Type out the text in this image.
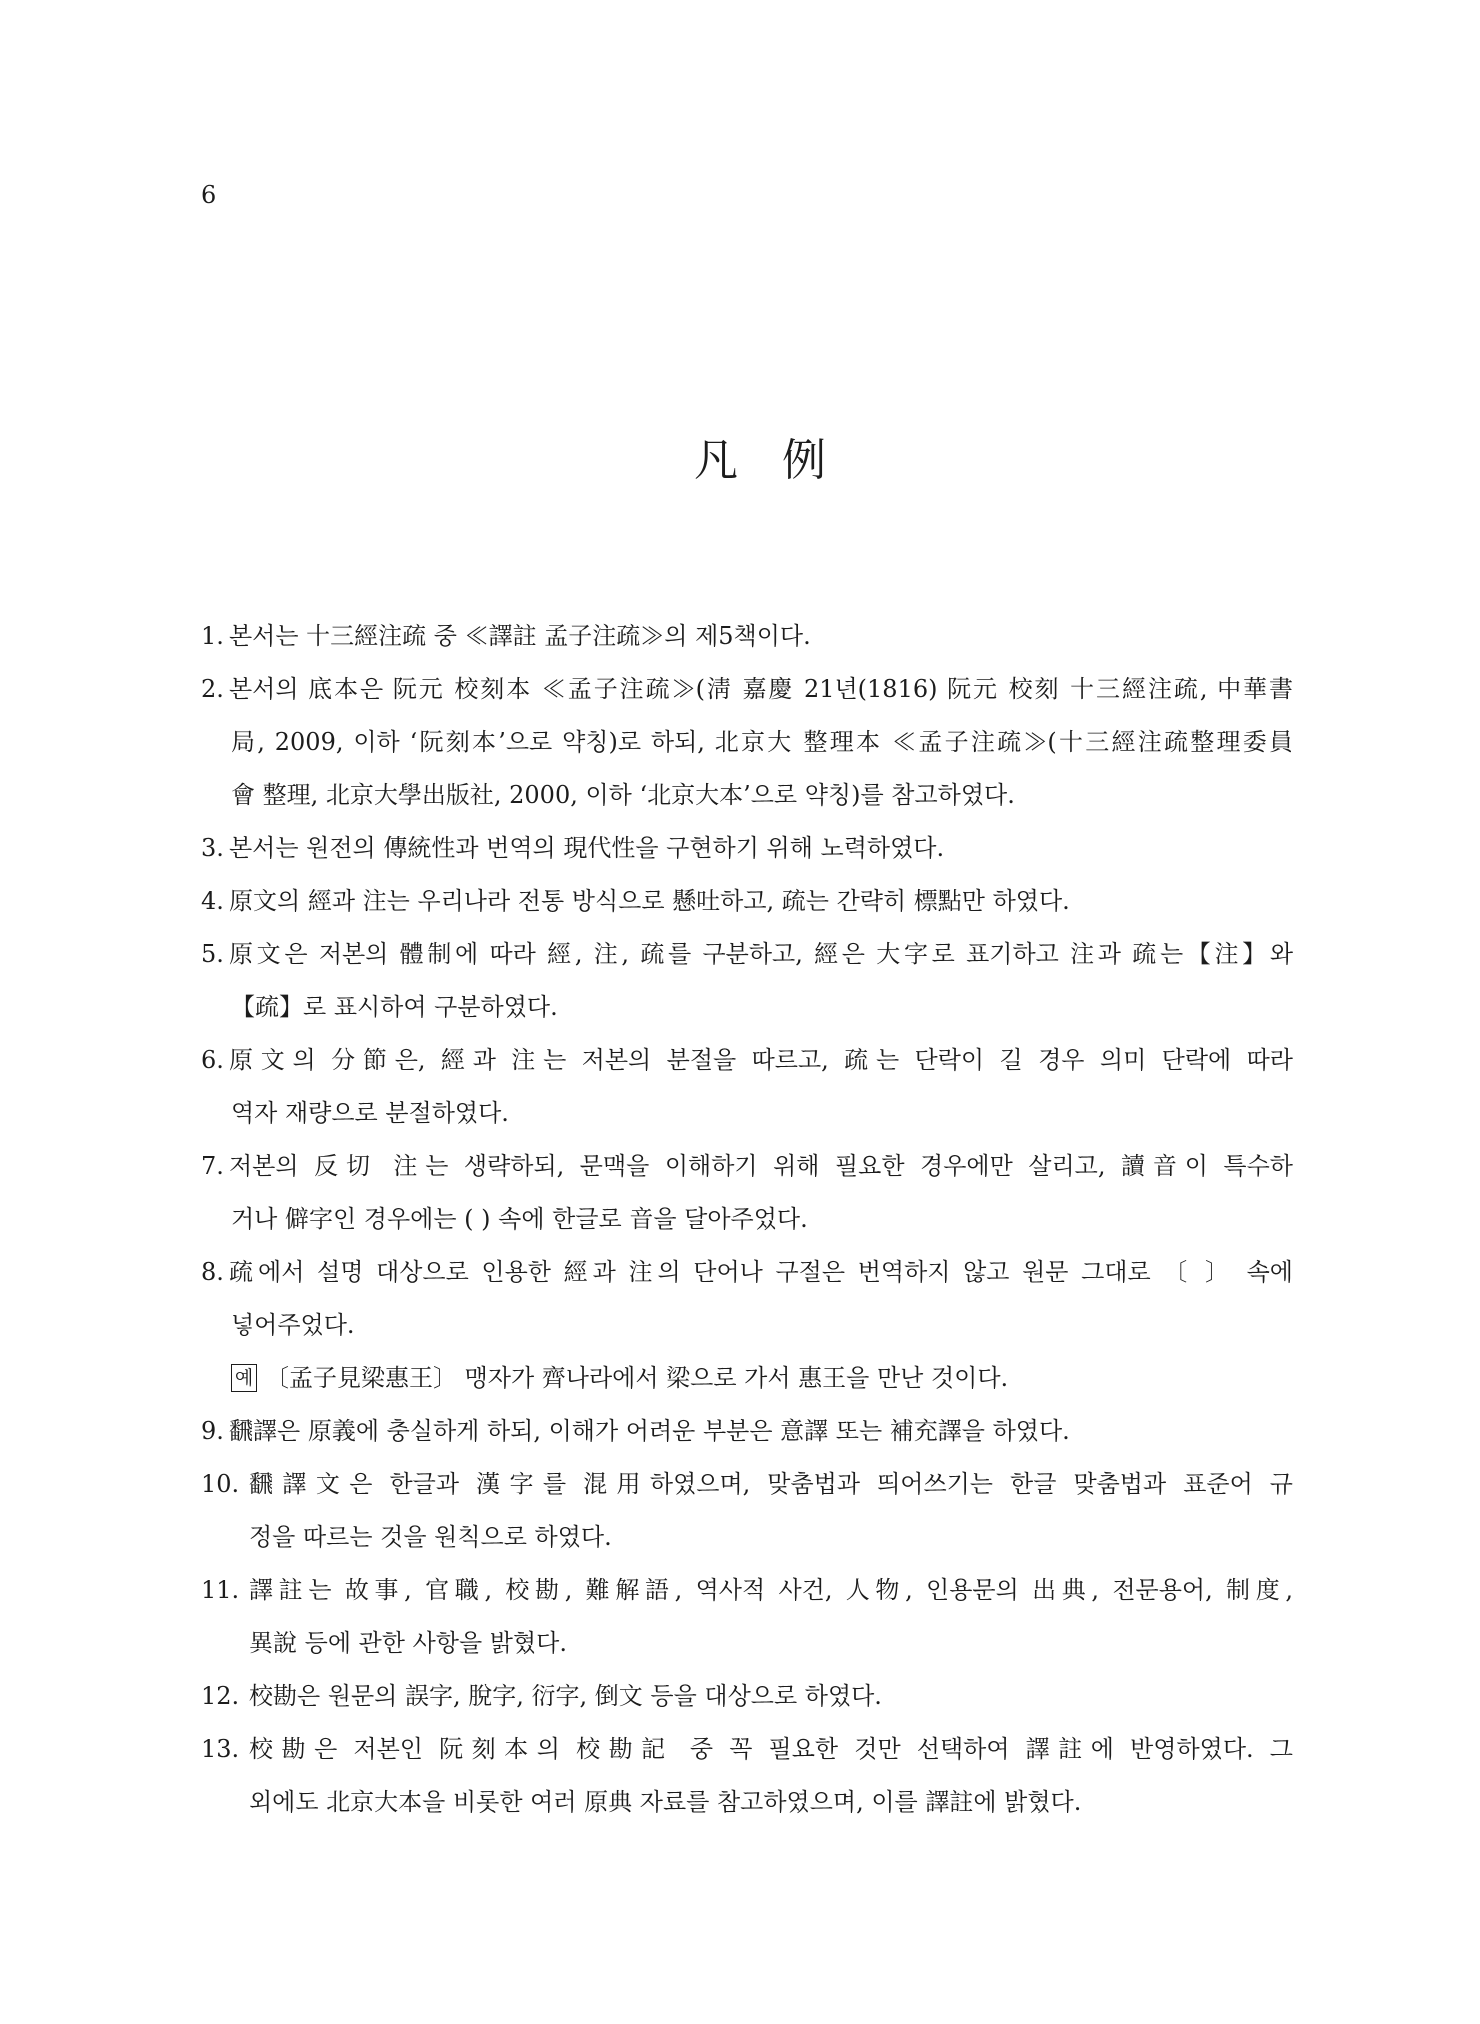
6
凡 例
1. 본서는 十三經注疏 중 ≪譯註 孟子注疏≫의 제5책이다.
2. 본서의 底本은 阮元 校刻本 ≪孟子注疏≫(淸 嘉慶 21년(1816) 阮元 校刻 十三經注疏, 中華書
局, 2009, 이하 ‘阮刻本’으로 약칭)로 하되, 北京大 整理本 ≪孟子注疏≫(十三經注疏整理委員
會 整理, 北京大學出版社, 2000, 이하 ‘北京大本’으로 약칭)를 참고하였다.
3. 본서는 원전의 傳統性과 번역의 現代性을 구현하기 위해 노력하였다.
4. 原文의 經과 注는 우리나라 전통 방식으로 懸吐하고, 疏는 간략히 標點만 하였다.
5. 原文은 저본의 體制에 따라 經, 注, 疏를 구분하고, 經은 大字로 표기하고 注과 疏는【注】와
【疏】로 표시하여 구분하였다.
6. 原文의 分節은, 經과 注는 저본의 분절을 따르고, 疏는 단락이 길 경우 의미 단락에 따라
역자 재량으로 분절하였다.
7. 저본의 反切 注는 생략하되, 문맥을 이해하기 위해 필요한 경우에만 살리고, 讀音이 특수하
거나 僻字인 경우에는 ( ) 속에 한글로 音을 달아주었다.
8. 疏에서 설명 대상으로 인용한 經과 注의 단어나 구절은 번역하지 않고 원문 그대로 〔 〕 속에
넣어주었다.
예 〔孟子見梁惠王〕 맹자가 齊나라에서 梁으로 가서 惠王을 만난 것이다.
9. 飜譯은 原義에 충실하게 하되, 이해가 어려운 부분은 意譯 또는 補充譯을 하였다.
10. 飜譯文은 한글과 漢字를 混用하였으며, 맞춤법과 띄어쓰기는 한글 맞춤법과 표준어 규
정을 따르는 것을 원칙으로 하였다.
11. 譯註는 故事, 官職, 校勘, 難解語, 역사적 사건, 人物, 인용문의 出典, 전문용어, 制度,
異說 등에 관한 사항을 밝혔다.
12. 校勘은 원문의 誤字, 脫字, 衍字, 倒文 등을 대상으로 하였다.
13. 校勘은 저본인 阮刻本의 校勘記 중 꼭 필요한 것만 선택하여 譯註에 반영하였다. 그
외에도 北京大本을 비롯한 여러 原典 자료를 참고하였으며, 이를 譯註에 밝혔다.
